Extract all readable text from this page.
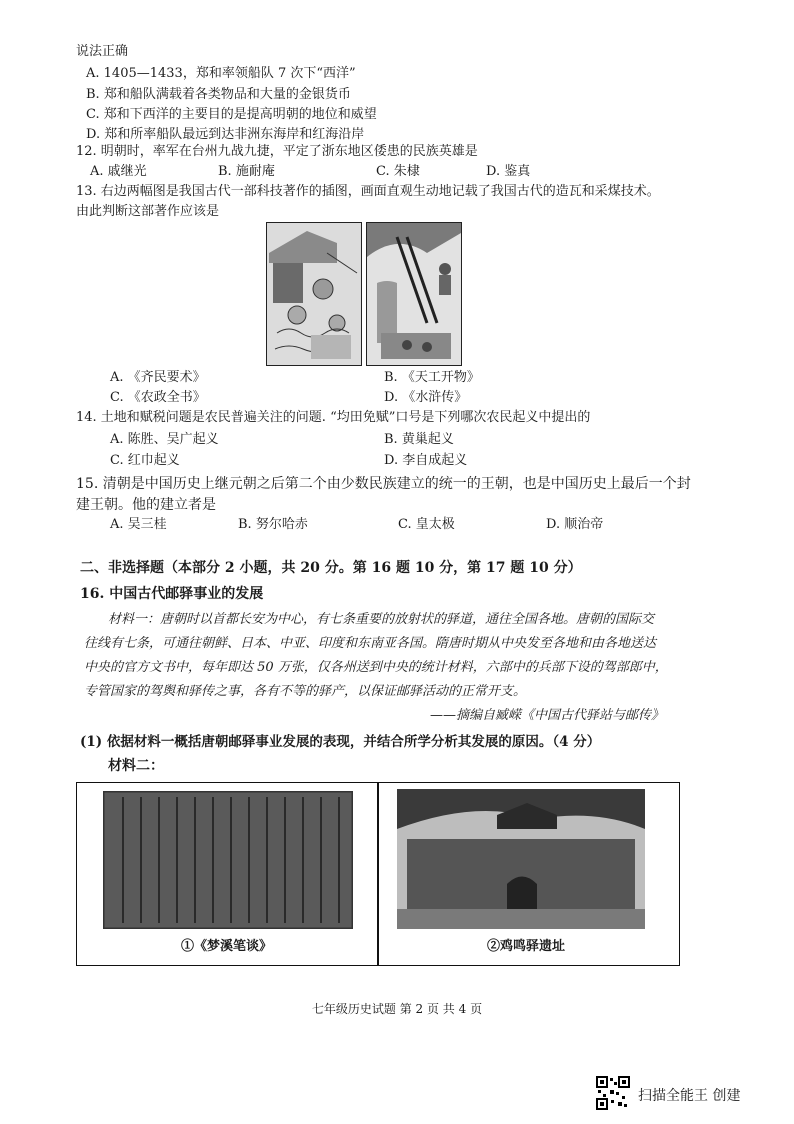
说法正确
A. 1405—1433，郑和率领船队 7 次下“西洋”
B. 郑和船队满载着各类物品和大量的金银货币
C. 郑和下西洋的主要目的是提高明朝的地位和威望
D. 郑和所率船队最远到达非洲东海岸和红海沿岸
12. 明朝时，率军在台州九战九捷，平定了浙东地区倭患的民族英雄是
A. 戚继光	B. 施耐庵	C. 朱棣	D. 鉴真
13. 右边两幅图是我国古代一部科技著作的插图，画面直观生动地记载了我国古代的造瓦和采煤技术。
由此判断这部著作应该是
A. 《齐民要术》	B. 《天工开物》
C. 《农政全书》	D. 《水浒传》
14. 土地和赋税问题是农民普遍关注的问题. “均田免赋”口号是下列哪次农民起义中提出的
A. 陈胜、吴广起义	B. 黄巢起义
C. 红巾起义	D. 李自成起义
15. 清朝是中国历史上继元朝之后第二个由少数民族建立的统一的王朝，也是中国历史上最后一个封
建王朝。他的建立者是
A. 吴三桂	B. 努尔哈赤	C. 皇太极	D. 顺治帝
二、非选择题（本部分 2 小题，共 20 分。第 16 题 10 分，第 17 题 10 分）
16. 中国古代邮驿事业的发展
材料一：唐朝时以首都长安为中心，有七条重要的放射状的驿道，通往全国各地。唐朝的国际交
往线有七条，可通往朝鲜、日本、中亚、印度和东南亚各国。隋唐时期从中央发至各地和由各地送达
中央的官方文书中，每年即达 50 万张，仅各州送到中央的统计材料，六部中的兵部下设的驾部郎中，
专管国家的驾舆和驿传之事，各有不等的驿产，以保证邮驿活动的正常开支。
——摘编自臧嵘《中国古代驿站与邮传》
(1) 依据材料一概括唐朝邮驿事业发展的表现，并结合所学分析其发展的原因。（4 分）
材料二：
①《梦溪笔谈》	②鸡鸣驿遗址
七年级历史试题 第 2 页 共 4 页
扫描全能王 创建
